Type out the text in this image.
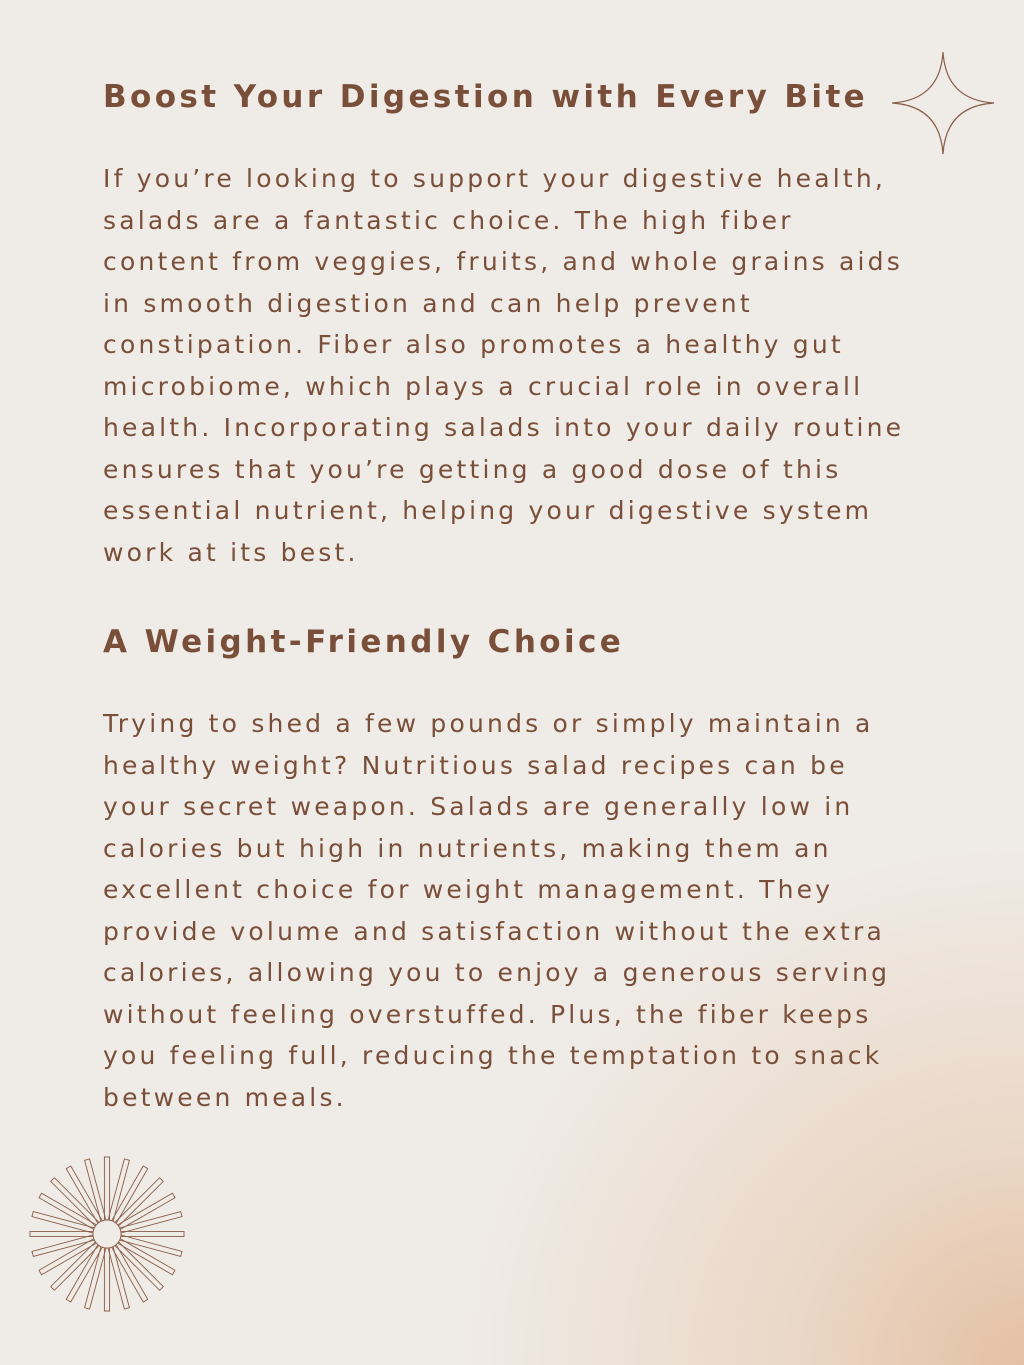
Boost Your Digestion with Every Bite

If you’re looking to support your digestive health,
salads are a fantastic choice. The high fiber
content from veggies, fruits, and whole grains aids
in smooth digestion and can help prevent
constipation. Fiber also promotes a healthy gut
microbiome, which plays a crucial role in overall
health. Incorporating salads into your daily routine
ensures that you’re getting a good dose of this
essential nutrient, helping your digestive system
work at its best.

A Weight-Friendly Choice

Trying to shed a few pounds or simply maintain a
healthy weight? Nutritious salad recipes can be
your secret weapon. Salads are generally low in
calories but high in nutrients, making them an
excellent choice for weight management. They
provide volume and satisfaction without the extra
calories, allowing you to enjoy a generous serving
without feeling overstuffed. Plus, the fiber keeps
you feeling full, reducing the temptation to snack
between meals.
